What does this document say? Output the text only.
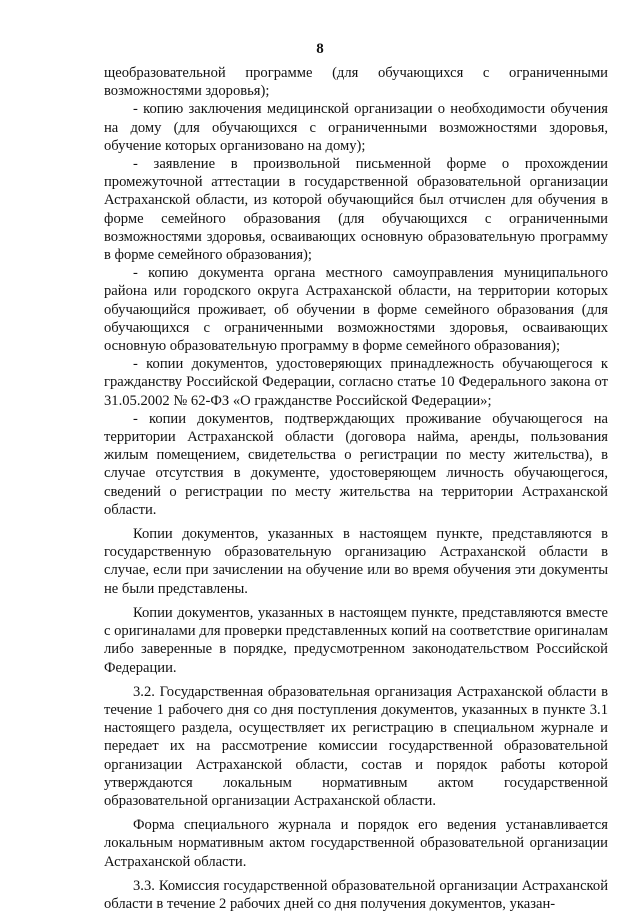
8

щеобразовательной программе (для обучающихся с ограниченными возможностями здоровья);

- копию заключения медицинской организации о необходимости обучения на дому (для обучающихся с ограниченными возможностями здоровья, обучение которых организовано на дому);

- заявление в произвольной письменной форме о прохождении промежуточной аттестации в государственной образовательной организации Астраханской области, из которой обучающийся был отчислен для обучения в форме семейного образования (для обучающихся с ограниченными возможностями здоровья, осваивающих основную образовательную программу в форме семейного образования);

- копию документа органа местного самоуправления муниципального района или городского округа Астраханской области, на территории которых обучающийся проживает, об обучении в форме семейного образования (для обучающихся с ограниченными возможностями здоровья, осваивающих основную образовательную программу в форме семейного образования);

- копии документов, удостоверяющих принадлежность обучающегося к гражданству Российской Федерации, согласно статье 10 Федерального закона от 31.05.2002 № 62-ФЗ «О гражданстве Российской Федерации»;

- копии документов, подтверждающих проживание обучающегося на территории Астраханской области (договора найма, аренды, пользования жилым помещением, свидетельства о регистрации по месту жительства), в случае отсутствия в документе, удостоверяющем личность обучающегося, сведений о регистрации по месту жительства на территории Астраханской области.

Копии документов, указанных в настоящем пункте, представляются в государственную образовательную организацию Астраханской области в случае, если при зачислении на обучение или во время обучения эти документы не были представлены.

Копии документов, указанных в настоящем пункте, представляются вместе с оригиналами для проверки представленных копий на соответствие оригиналам либо заверенные в порядке, предусмотренном законодательством Российской Федерации.

3.2. Государственная образовательная организация Астраханской области в течение 1 рабочего дня со дня поступления документов, указанных в пункте 3.1 настоящего раздела, осуществляет их регистрацию в специальном журнале и передает их на рассмотрение комиссии государственной образовательной организации Астраханской области, состав и порядок работы которой утверждаются локальным нормативным актом государственной образовательной организации Астраханской области.

Форма специального журнала и порядок его ведения устанавливается локальным нормативным актом государственной образовательной организации Астраханской области.

3.3. Комиссия государственной образовательной организации Астраханской области в течение 2 рабочих дней со дня получения документов, указан-
